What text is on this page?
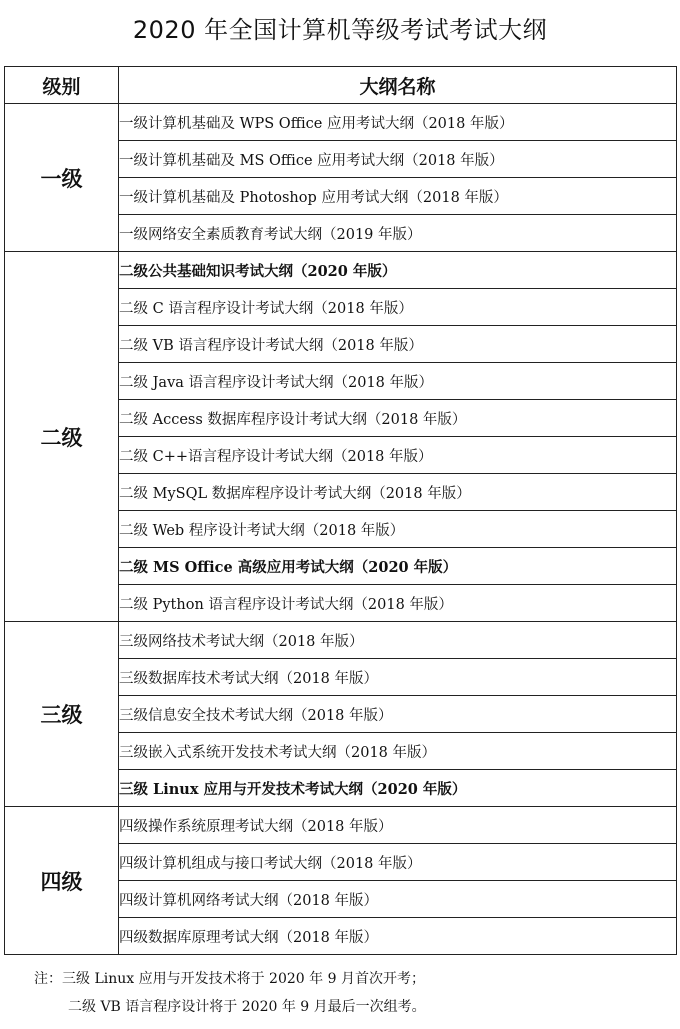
2020 年全国计算机等级考试考试大纲
级别	大纲名称
一级	一级计算机基础及 WPS Office 应用考试大纲（2018 年版）
	一级计算机基础及 MS Office 应用考试大纲（2018 年版）
	一级计算机基础及 Photoshop 应用考试大纲（2018 年版）
	一级网络安全素质教育考试大纲（2019 年版）
二级	二级公共基础知识考试大纲（2020 年版）
	二级 C 语言程序设计考试大纲（2018 年版）
	二级 VB 语言程序设计考试大纲（2018 年版）
	二级 Java 语言程序设计考试大纲（2018 年版）
	二级 Access 数据库程序设计考试大纲（2018 年版）
	二级 C++语言程序设计考试大纲（2018 年版）
	二级 MySQL 数据库程序设计考试大纲（2018 年版）
	二级 Web 程序设计考试大纲（2018 年版）
	二级 MS Office 高级应用考试大纲（2020 年版）
	二级 Python 语言程序设计考试大纲（2018 年版）
三级	三级网络技术考试大纲（2018 年版）
	三级数据库技术考试大纲（2018 年版）
	三级信息安全技术考试大纲（2018 年版）
	三级嵌入式系统开发技术考试大纲（2018 年版）
	三级 Linux 应用与开发技术考试大纲（2020 年版）
四级	四级操作系统原理考试大纲（2018 年版）
	四级计算机组成与接口考试大纲（2018 年版）
	四级计算机网络考试大纲（2018 年版）
	四级数据库原理考试大纲（2018 年版）
注：三级 Linux 应用与开发技术将于 2020 年 9 月首次开考；
二级 VB 语言程序设计将于 2020 年 9 月最后一次组考。
